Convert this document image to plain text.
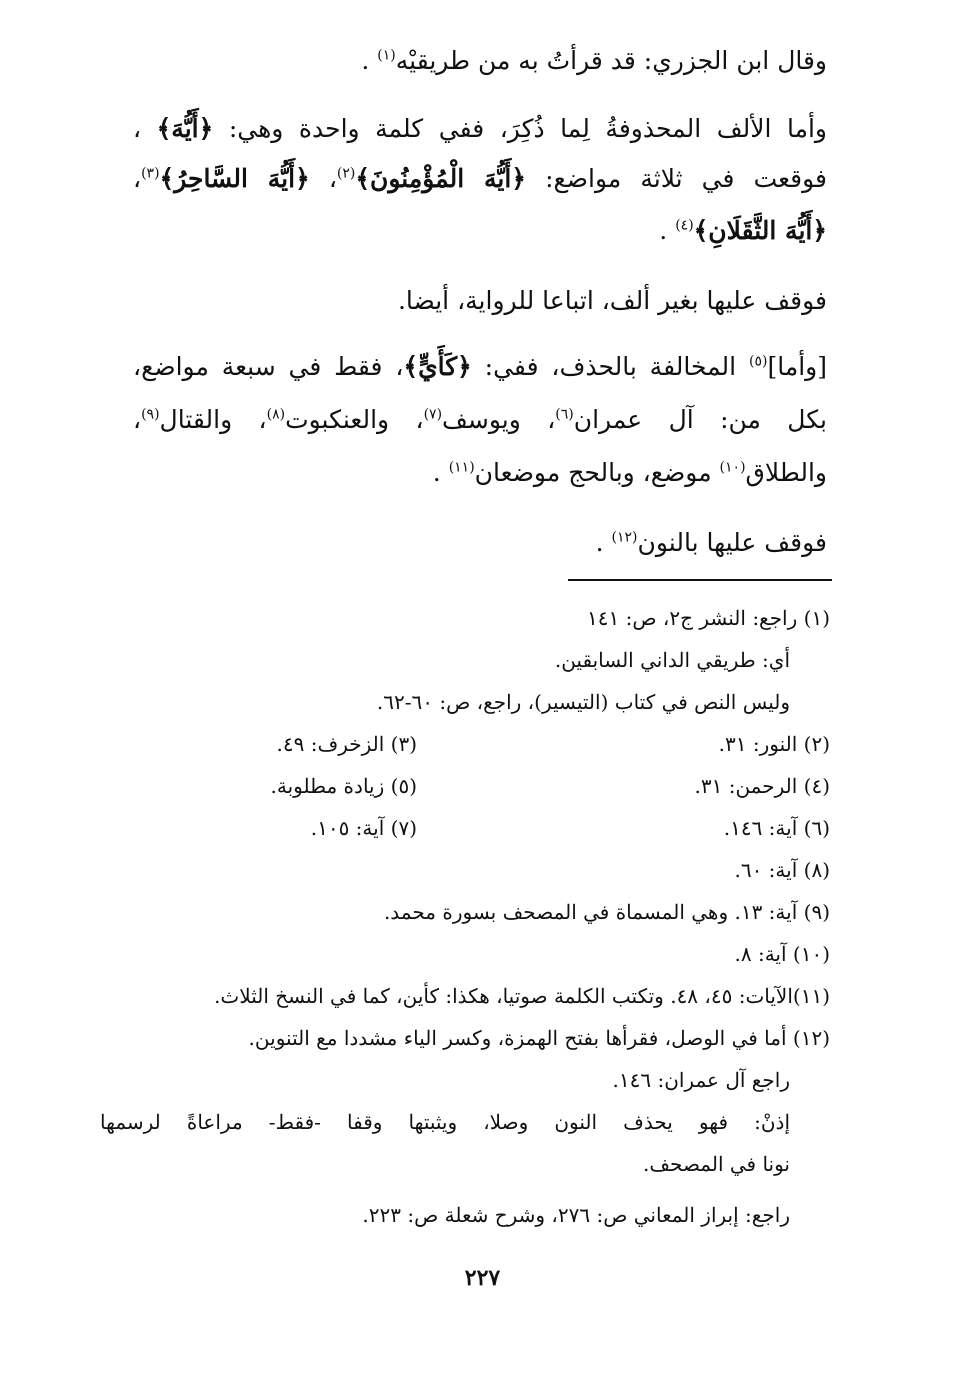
وقال ابن الجزري: قد قرأتُ به من طريقيْه$^{(١)}$ .
وأما الألف المحذوفةُ لِما ذُكِرَ، ففي كلمة واحدة وهي: ﴿أَيُّهَ﴾ ،
فوقعت في ثلاثة مواضع: ﴿أَيُّهَ الْمُؤْمِنُونَ﴾$^{(٢)}$، ﴿أَيُّهَ السَّاحِرُ﴾$^{(٣)}$،
﴿أَيُّهَ الثَّقَلَانِ﴾$^{(٤)}$ .
فوقف عليها بغير ألف، اتباعا للرواية، أيضا.
[وأما]$^{(٥)}$ المخالفة بالحذف، ففي: ﴿كَأَيٍّ﴾، فقط في سبعة مواضع،
بكل من: آل عمران$^{(٦)}$، ويوسف$^{(٧)}$، والعنكبوت$^{(٨)}$، والقتال$^{(٩)}$،
والطلاق$^{(١٠)}$ موضع، وبالحج موضعان$^{(١١)}$ .
فوقف عليها بالنون$^{(١٢)}$ .
(١) راجع: النشر ج٢، ص: ١٤١
أي: طريقي الداني السابقين.
وليس النص في كتاب (التيسير)، راجع، ص: ٦٠-٦٢.
(٢) النور: ٣١.
(٣) الزخرف: ٤٩.
(٤) الرحمن: ٣١.
(٥) زيادة مطلوبة.
(٦) آية: ١٤٦.
(٧) آية: ١٠٥.
(٨) آية: ٦٠.
(٩) آية: ١٣. وهي المسماة في المصحف بسورة محمد.
(١٠) آية: ٨.
(١١)الآيات: ٤٥، ٤٨. وتكتب الكلمة صوتيا، هكذا: كأين، كما في النسخ الثلاث.
(١٢) أما في الوصل، فقرأها بفتح الهمزة، وكسر الياء مشددا مع التنوين.
راجع آل عمران: ١٤٦.
إذنْ: فهو يحذف النون وصلا، ويثبتها وقفا -فقط- مراعاةً لرسمها
نونا في المصحف.
راجع: إبراز المعاني ص: ٢٧٦، وشرح شعلة ص: ٢٢٣.
٢٢٧
